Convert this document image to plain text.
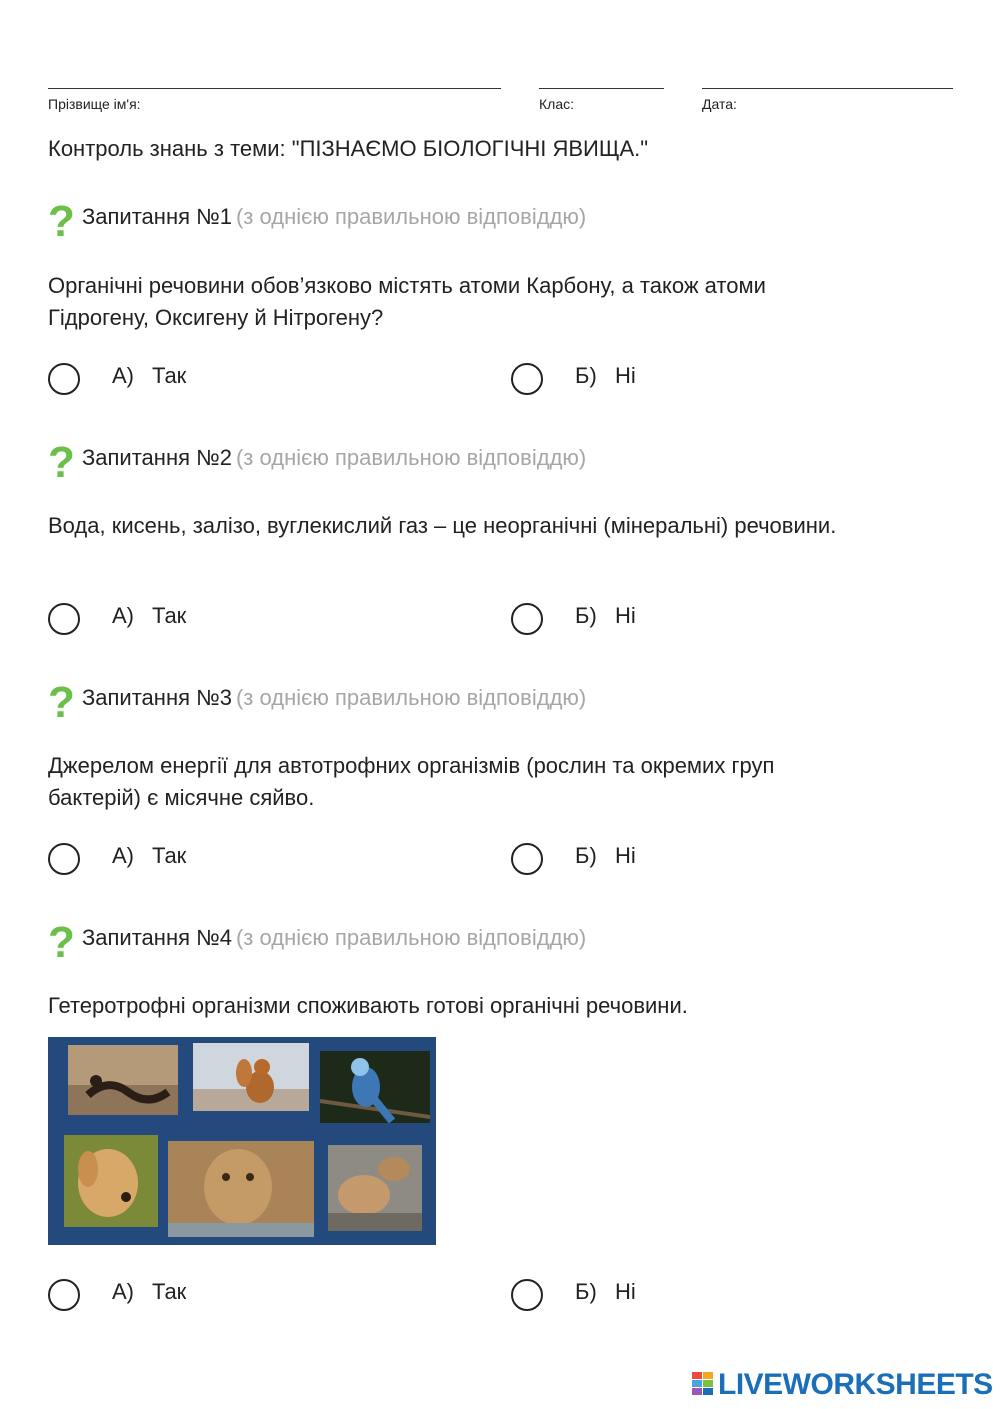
Прізвище ім'я:	Клас:	Дата:
Контроль знань з теми: "ПІЗНАЄМО БІОЛОГІЧНІ ЯВИЩА."
? Запитання №1 (з однією правильною відповіддю)
Органічні речовини обов’язково містять атоми Карбону, а також атоми Гідрогену, Оксигену й Нітрогену?
А) Так	Б) Ні
? Запитання №2 (з однією правильною відповіддю)
Вода, кисень, залізо, вуглекислий газ – це неорганічні (мінеральні) речовини.
А) Так	Б) Ні
? Запитання №3 (з однією правильною відповіддю)
Джерелом енергії для автотрофних організмів (рослин та окремих груп бактерій) є місячне сяйво.
А) Так	Б) Ні
? Запитання №4 (з однією правильною відповіддю)
Гетеротрофні організми споживають готові органічні речовини.
А) Так	Б) Ні
LIVEWORKSHEETS
